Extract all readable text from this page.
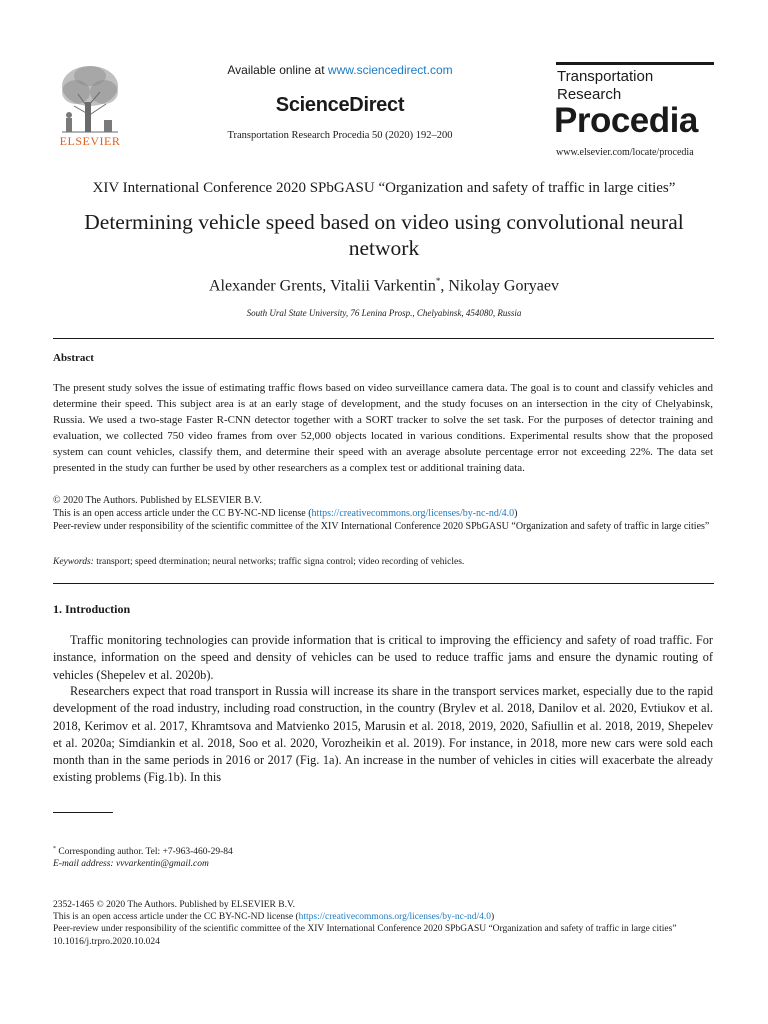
ELSEVIER
Available online at www.sciencedirect.com
ScienceDirect
Transportation Research Procedia 50 (2020) 192–200
Transportation
Research
Procedia
www.elsevier.com/locate/procedia
XIV International Conference 2020 SPbGASU “Organization and safety of traffic in large cities”
Determining vehicle speed based on video using convolutional neural network
Alexander Grents, Vitalii Varkentin*, Nikolay Goryaev
South Ural State University, 76 Lenina Prosp., Chelyabinsk, 454080, Russia
Abstract
The present study solves the issue of estimating traffic flows based on video surveillance camera data. The goal is to count and classify vehicles and determine their speed. This subject area is at an early stage of development, and the study focuses on an intersection in the city of Chelyabinsk, Russia. We used a two-stage Faster R-CNN detector together with a SORT tracker to solve the set task. For the purposes of detector training and evaluation, we collected 750 video frames from over 52,000 objects located in various conditions. Experimental results show that the proposed system can count vehicles, classify them, and determine their speed with an average absolute percentage error not exceeding 22%. The data set presented in the study can further be used by other researchers as a complex test or additional training data.
© 2020 The Authors. Published by ELSEVIER B.V.
This is an open access article under the CC BY-NC-ND license (https://creativecommons.org/licenses/by-nc-nd/4.0)
Peer-review under responsibility of the scientific committee of the XIV International Conference 2020 SPbGASU “Organization and safety of traffic in large cities”
Keywords: transport; speed dtermination; neural networks; traffic signa control; video recording of vehicles.
1. Introduction
Traffic monitoring technologies can provide information that is critical to improving the efficiency and safety of road traffic. For instance, information on the speed and density of vehicles can be used to reduce traffic jams and ensure the dynamic routing of vehicles (Shepelev et al. 2020b).
Researchers expect that road transport in Russia will increase its share in the transport services market, especially due to the rapid development of the road industry, including road construction, in the country (Brylev et al. 2018, Danilov et al. 2020, Evtiukov et al. 2018, Kerimov et al. 2017, Khramtsova and Matvienko 2015, Marusin et al. 2018, 2019, 2020, Safiullin et al. 2018, 2019, Shepelev et al. 2020a; Simdiankin et al. 2018, Soo et al. 2020, Vorozheikin et al. 2019). For instance, in 2018, more new cars were sold each month than in the same periods in 2016 or 2017 (Fig. 1a). An increase in the number of vehicles in cities will exacerbate the already existing problems (Fig.1b). In this
* Corresponding author. Tel: +7-963-460-29-84
E-mail address: vvvarkentin@gmail.com
2352-1465 © 2020 The Authors. Published by ELSEVIER B.V.
This is an open access article under the CC BY-NC-ND license (https://creativecommons.org/licenses/by-nc-nd/4.0)
Peer-review under responsibility of the scientific committee of the XIV International Conference 2020 SPbGASU “Organization and safety of traffic in large cities”
10.1016/j.trpro.2020.10.024
